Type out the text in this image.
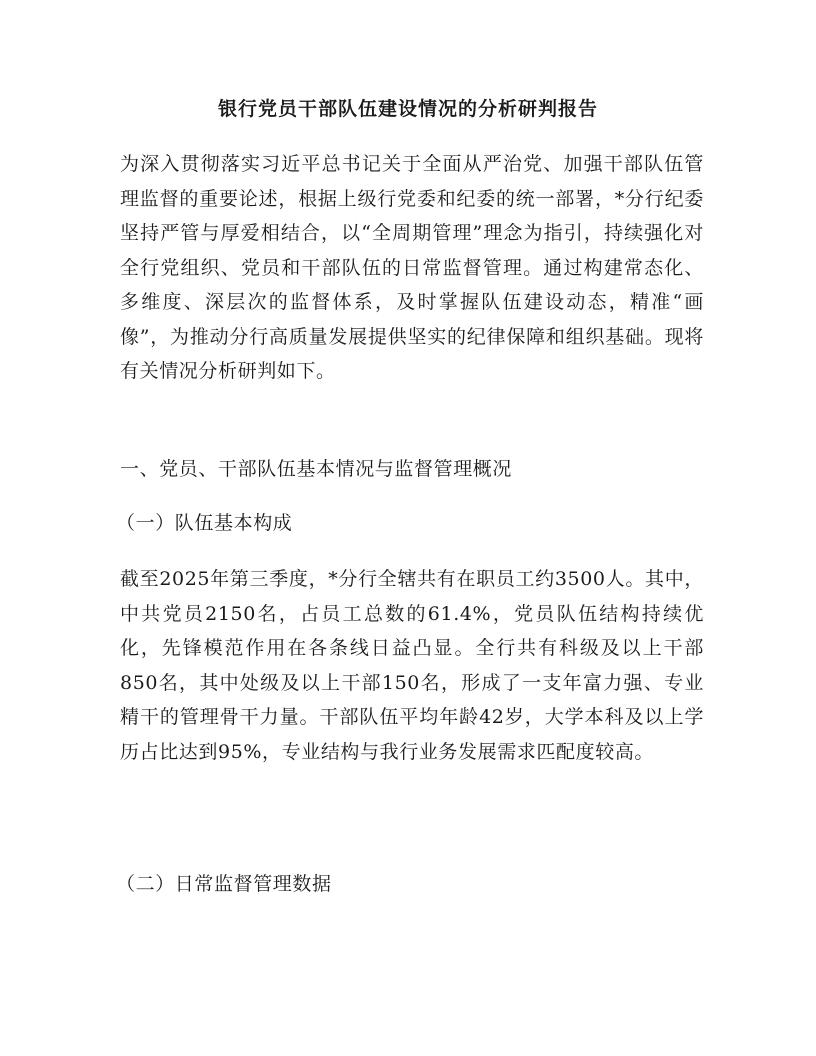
银行党员干部队伍建设情况的分析研判报告

为深入贯彻落实习近平总书记关于全面从严治党、加强干部队伍管理监督的重要论述，根据上级行党委和纪委的统一部署，*分行纪委坚持严管与厚爱相结合，以“全周期管理”理念为指引，持续强化对全行党组织、党员和干部队伍的日常监督管理。通过构建常态化、多维度、深层次的监督体系，及时掌握队伍建设动态，精准“画像”，为推动分行高质量发展提供坚实的纪律保障和组织基础。现将有关情况分析研判如下。

一、党员、干部队伍基本情况与监督管理概况
（一）队伍基本构成

截至2025年第三季度，*分行全辖共有在职员工约3500人。其中，中共党员2150名，占员工总数的61.4%，党员队伍结构持续优化，先锋模范作用在各条线日益凸显。全行共有科级及以上干部850名，其中处级及以上干部150名，形成了一支年富力强、专业精干的管理骨干力量。干部队伍平均年龄42岁，大学本科及以上学历占比达到95%，专业结构与我行业务发展需求匹配度较高。

（二）日常监督管理数据
